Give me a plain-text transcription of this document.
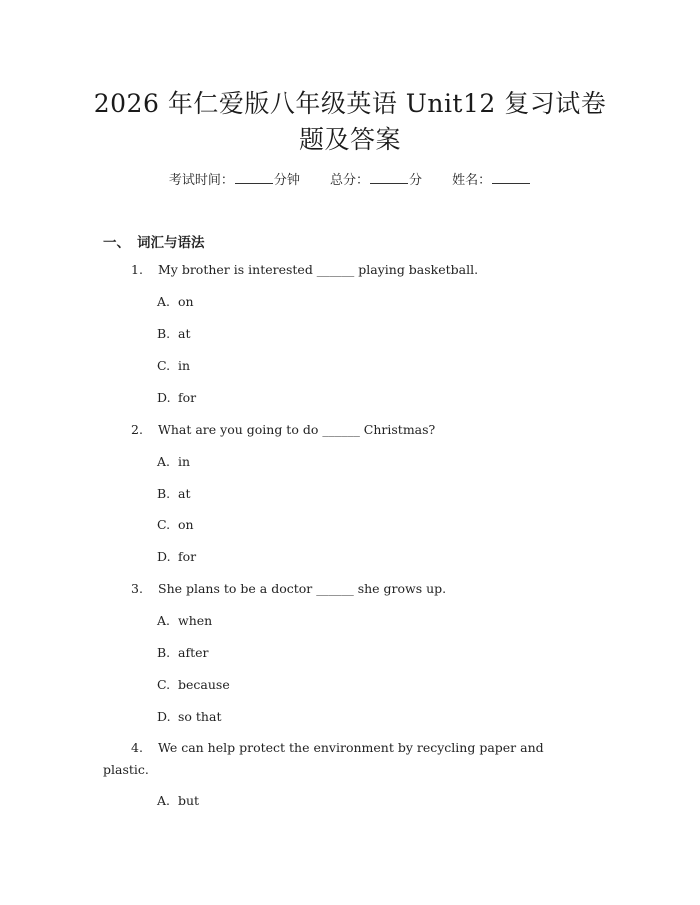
2026 年仁爱版八年级英语 Unit12 复习试卷
题及答案
考试时间：	分钟 总分：	分 姓名：
一、 词汇与语法
1. My brother is interested ______ playing basketball.
A. on
B. at
C. in
D. for
2. What are you going to do ______ Christmas?
A. in
B. at
C. on
D. for
3. She plans to be a doctor ______ she grows up.
A. when
B. after
C. because
D. so that
4. We can help protect the environment by recycling paper and
plastic.
A. but
